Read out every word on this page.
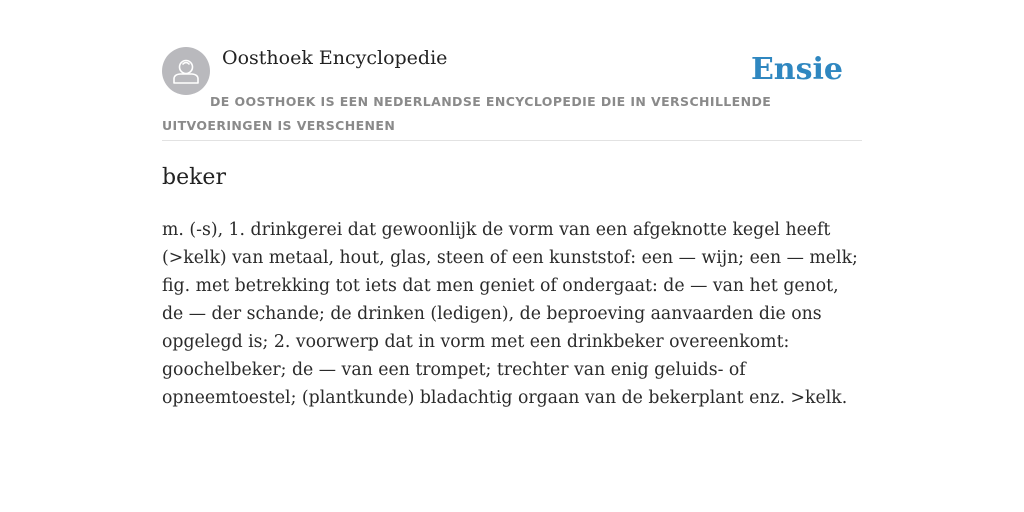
Oosthoek Encyclopedie	Ensie
DE OOSTHOEK IS EEN NEDERLANDSE ENCYCLOPEDIE DIE IN VERSCHILLENDE UITVOERINGEN IS VERSCHENEN
beker

m. (-s), 1. drinkgerei dat gewoonlijk de vorm van een afgeknotte kegel heeft (>kelk) van metaal, hout, glas, steen of een kunststof: een — wijn; een — melk; fig. met betrekking tot iets dat men geniet of ondergaat: de — van het genot, de — der schande; de drinken (ledigen), de beproeving aanvaarden die ons opgelegd is; 2. voorwerp dat in vorm met een drinkbeker overeenkomt: goochelbeker; de — van een trompet; trechter van enig geluids- of opneemtoestel; (plantkunde) bladachtig orgaan van de bekerplant enz. >kelk.
